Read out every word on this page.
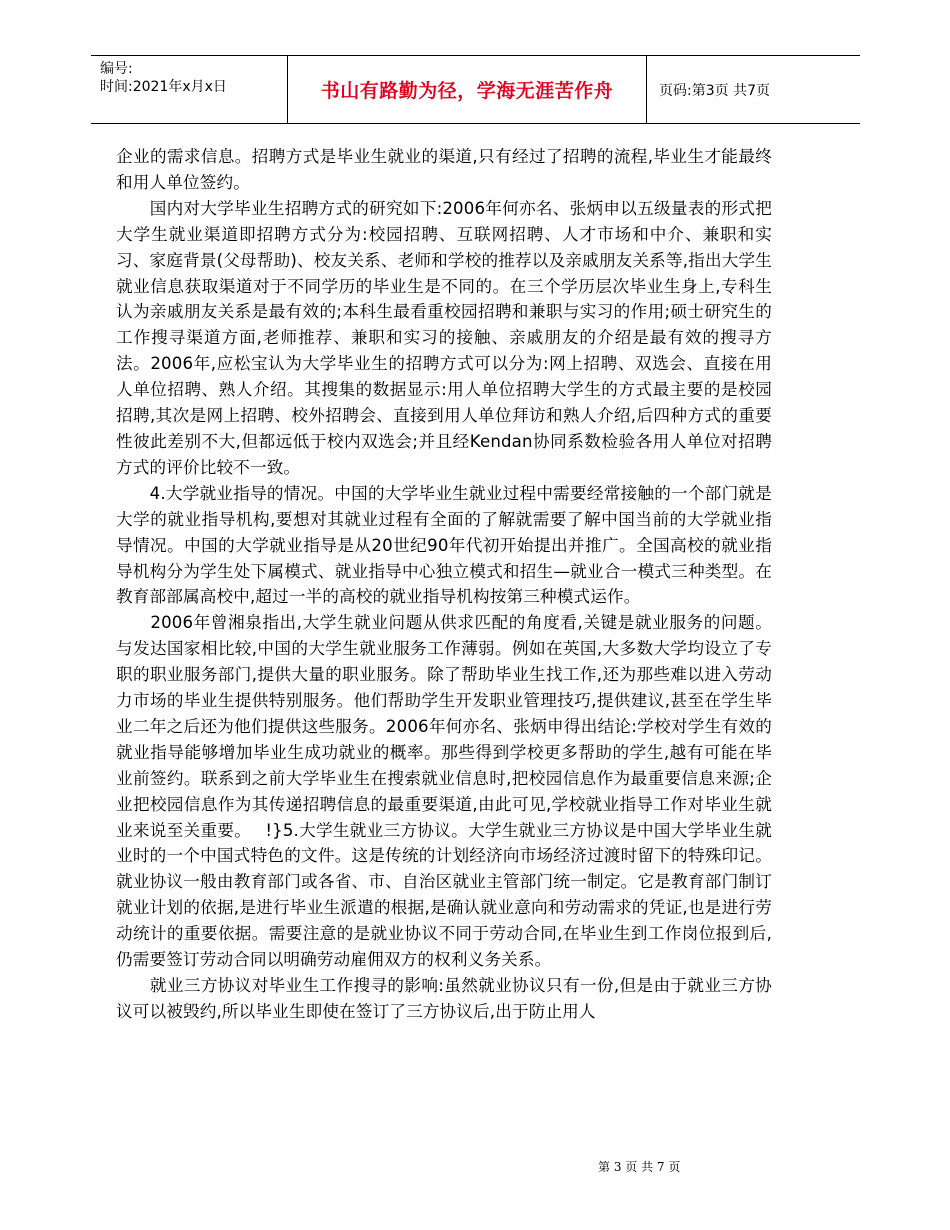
编号:
时间:2021年x月x日	书山有路勤为径，学海无涯苦作舟	页码:第3页 共7页

企业的需求信息。招聘方式是毕业生就业的渠道,只有经过了招聘的流程,毕业生才能最终和用人单位签约。

　　国内对大学毕业生招聘方式的研究如下:2006年何亦名、张炳申以五级量表的形式把大学生就业渠道即招聘方式分为:校园招聘、互联网招聘、人才市场和中介、兼职和实习、家庭背景(父母帮助)、校友关系、老师和学校的推荐以及亲戚朋友关系等,指出大学生就业信息获取渠道对于不同学历的毕业生是不同的。在三个学历层次毕业生身上,专科生认为亲戚朋友关系是最有效的;本科生最看重校园招聘和兼职与实习的作用;硕士研究生的工作搜寻渠道方面,老师推荐、兼职和实习的接触、亲戚朋友的介绍是最有效的搜寻方法。2006年,应松宝认为大学毕业生的招聘方式可以分为:网上招聘、双选会、直接在用人单位招聘、熟人介绍。其搜集的数据显示:用人单位招聘大学生的方式最主要的是校园招聘,其次是网上招聘、校外招聘会、直接到用人单位拜访和熟人介绍,后四种方式的重要性彼此差别不大,但都远低于校内双选会;并且经Kendan协同系数检验各用人单位对招聘方式的评价比较不一致。

　　4.大学就业指导的情况。中国的大学毕业生就业过程中需要经常接触的一个部门就是大学的就业指导机构,要想对其就业过程有全面的了解就需要了解中国当前的大学就业指导情况。中国的大学就业指导是从20世纪90年代初开始提出并推广。全国高校的就业指导机构分为学生处下属模式、就业指导中心独立模式和招生—就业合一模式三种类型。在教育部部属高校中,超过一半的高校的就业指导机构按第三种模式运作。

　　2006年曾湘泉指出,大学生就业问题从供求匹配的角度看,关键是就业服务的问题。与发达国家相比较,中国的大学生就业服务工作薄弱。例如在英国,大多数大学均设立了专职的职业服务部门,提供大量的职业服务。除了帮助毕业生找工作,还为那些难以进入劳动力市场的毕业生提供特别服务。他们帮助学生开发职业管理技巧,提供建议,甚至在学生毕业二年之后还为他们提供这些服务。2006年何亦名、张炳申得出结论:学校对学生有效的就业指导能够增加毕业生成功就业的概率。那些得到学校更多帮助的学生,越有可能在毕业前签约。联系到之前大学毕业生在搜索就业信息时,把校园信息作为最重要信息来源;企业把校园信息作为其传递招聘信息的最重要渠道,由此可见,学校就业指导工作对毕业生就业来说至关重要。　 !}5.大学生就业三方协议。大学生就业三方协议是中国大学毕业生就业时的一个中国式特色的文件。这是传统的计划经济向市场经济过渡时留下的特殊印记。就业协议一般由教育部门或各省、市、自治区就业主管部门统一制定。它是教育部门制订就业计划的依据,是进行毕业生派遣的根据,是确认就业意向和劳动需求的凭证,也是进行劳动统计的重要依据。需要注意的是就业协议不同于劳动合同,在毕业生到工作岗位报到后,仍需要签订劳动合同以明确劳动雇佣双方的权利义务关系。

　　就业三方协议对毕业生工作搜寻的影响:虽然就业协议只有一份,但是由于就业三方协议可以被毁约,所以毕业生即使在签订了三方协议后,出于防止用人

第 3 页 共 7 页
